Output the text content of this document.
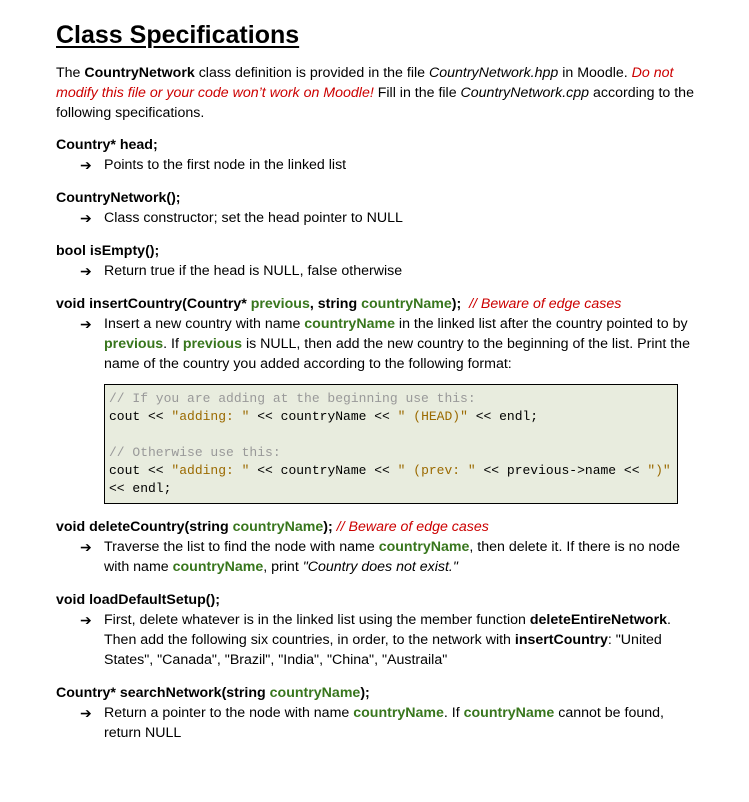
Class Specifications

The CountryNetwork class definition is provided in the file CountryNetwork.hpp in Moodle. Do not modify this file or your code won’t work on Moodle! Fill in the file CountryNetwork.cpp according to the following specifications.

Country* head;
➔ Points to the first node in the linked list
CountryNetwork();
➔ Class constructor; set the head pointer to NULL
bool isEmpty();
➔ Return true if the head is NULL, false otherwise
void insertCountry(Country* previous, string countryName); // Beware of edge cases
➔ Insert a new country with name countryName in the linked list after the country pointed to by previous. If previous is NULL, then add the new country to the beginning of the list. Print the name of the country you added according to the following format:

// If you are adding at the beginning use this:
cout << "adding: " << countryName << " (HEAD)" << endl;
// Otherwise use this:
cout << "adding: " << countryName << " (prev: " << previous->name << ")" << endl;
void deleteCountry(string countryName); // Beware of edge cases
➔ Traverse the list to find the node with name countryName, then delete it. If there is no node with name countryName, print "Country does not exist."

void loadDefaultSetup();
➔ First, delete whatever is in the linked list using the member function deleteEntireNetwork. Then add the following six countries, in order, to the network with insertCountry: "United States", "Canada", "Brazil", "India", "China", "Austraila"

Country* searchNetwork(string countryName);
➔ Return a pointer to the node with name countryName. If countryName cannot be found, return NULL
